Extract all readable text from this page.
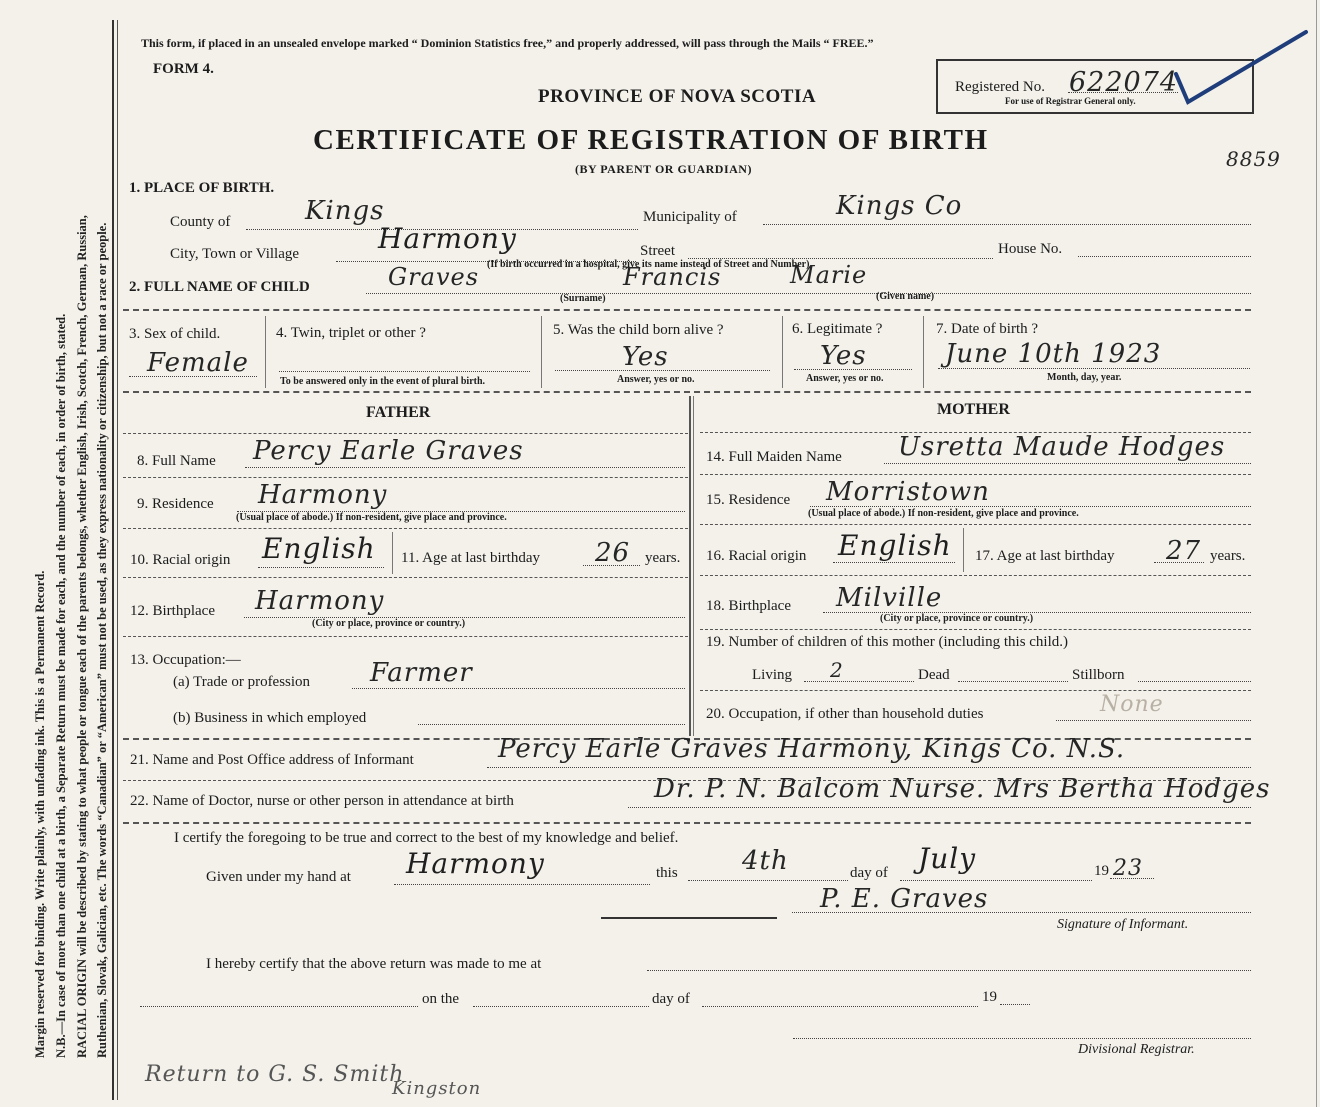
Margin reserved for binding. Write plainly, with unfading ink. This is a Permanent Record. N.B.—In case of more than one child at a birth, a Separate Return must be made for each, and the number of each, in order of birth, stated. RACIAL ORIGIN will be described by stating to what people or tongue each of the parents belongs, whether English, Irish, Scotch, French, German, Russian, Ruthenian, Slovak, Galician, etc. The words “Canadian” or “American” must not be used, as they express nationality or citizenship, but not a race or people.
This form, if placed in an unsealed envelope marked “ Dominion Statistics free,” and properly addressed, will pass through the Mails “ FREE.”
FORM 4.
PROVINCE OF NOVA SCOTIA
CERTIFICATE OF REGISTRATION OF BIRTH
(BY PARENT OR GUARDIAN)
Registered No. 622074
For use of Registrar General only.
8859
1. PLACE OF BIRTH.
County of	Kings	Municipality of	Kings Co
City, Town or Village	Harmony	Street	House No.
(If birth occurred in a hospital, give its name instead of Street and Number)
2. FULL NAME OF CHILD	Graves	Francis	Marie
(Surname)	(Given name)
3. Sex of child.
Female
4. Twin, triplet or other ?
To be answered only in the event of plural birth.
5. Was the child born alive ?
Yes
Answer, yes or no.
6. Legitimate ?
Yes
Answer, yes or no.
7. Date of birth ?
June 10th 1923
Month, day, year.
FATHER	MOTHER
8. Full Name Percy Earle Graves
9. Residence Harmony
(Usual place of abode.) If non-resident, give place and province.
10. Racial origin English 11. Age at last birthday 26 years.
12. Birthplace Harmony
(City or place, province or country.)
13. Occupation:—
(a) Trade or profession Farmer
(b) Business in which employed
14. Full Maiden Name Usretta Maude Hodges
15. Residence Morristown
(Usual place of abode.) If non-resident, give place and province.
16. Racial origin English 17. Age at last birthday 27 years.
18. Birthplace Milville
(City or place, province or country.)
19. Number of children of this mother (including this child.)
Living 2	Dead	Stillborn
20. Occupation, if other than household duties	None
21. Name and Post Office address of Informant	Percy Earle Graves Harmony, Kings Co. N.S.
22. Name of Doctor, nurse or other person in attendance at birth	Dr. P. N. Balcom Nurse. Mrs Bertha Hodges
I certify the foregoing to be true and correct to the best of my knowledge and belief.
Given under my hand at Harmony	this 4th	day of July	19 23
P. E. Graves
Signature of Informant.
I hereby certify that the above return was made to me at
on the	day of	19
Divisional Registrar.
Return to G. S. Smith
Kingston
